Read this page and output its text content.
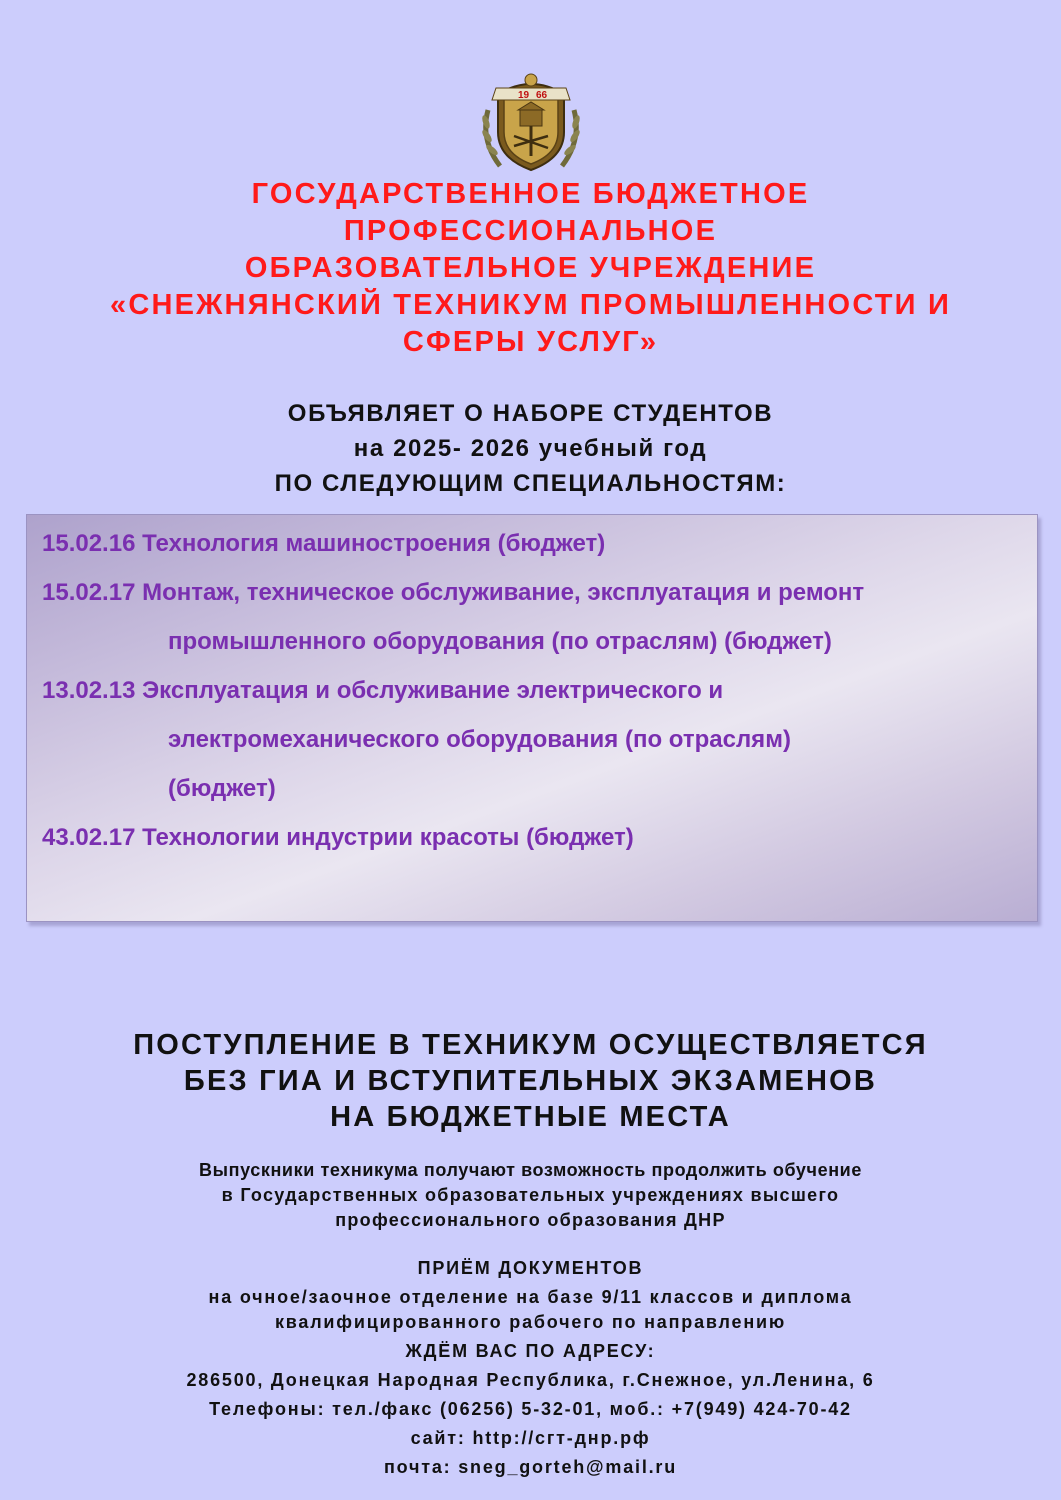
19 66
ГОСУДАРСТВЕННОЕ БЮДЖЕТНОЕ
ПРОФЕССИОНАЛЬНОЕ
ОБРАЗОВАТЕЛЬНОЕ УЧРЕЖДЕНИЕ
«СНЕЖНЯНСКИЙ ТЕХНИКУМ ПРОМЫШЛЕННОСТИ И
СФЕРЫ УСЛУГ»
ОБЪЯВЛЯЕТ О НАБОРЕ СТУДЕНТОВ
на 2025- 2026 учебный год
ПО СЛЕДУЮЩИМ СПЕЦИАЛЬНОСТЯМ:
15.02.16 Технология машиностроения (бюджет)
15.02.17 Монтаж, техническое обслуживание, эксплуатация и ремонт
промышленного оборудования (по отраслям) (бюджет)
13.02.13 Эксплуатация и обслуживание электрического и
электромеханического оборудования (по отраслям)
(бюджет)
43.02.17 Технологии индустрии красоты (бюджет)
ПОСТУПЛЕНИЕ В ТЕХНИКУМ ОСУЩЕСТВЛЯЕТСЯ
БЕЗ ГИА И ВСТУПИТЕЛЬНЫХ ЭКЗАМЕНОВ
НА БЮДЖЕТНЫЕ МЕСТА
Выпускники техникума получают возможность продолжить обучение
в Государственных образовательных учреждениях высшего
профессионального образования ДНР
ПРИЁМ ДОКУМЕНТОВ
на очное/заочное отделение на базе 9/11 классов и диплома
квалифицированного рабочего по направлению
ЖДЁМ ВАС ПО АДРЕСУ:
286500, Донецкая Народная Республика, г.Снежное, ул.Ленина, 6
Телефоны: тел./факс (06256) 5-32-01, моб.: +7(949) 424-70-42
сайт: http://сгт-днр.рф
почта: sneg_gorteh@mail.ru
